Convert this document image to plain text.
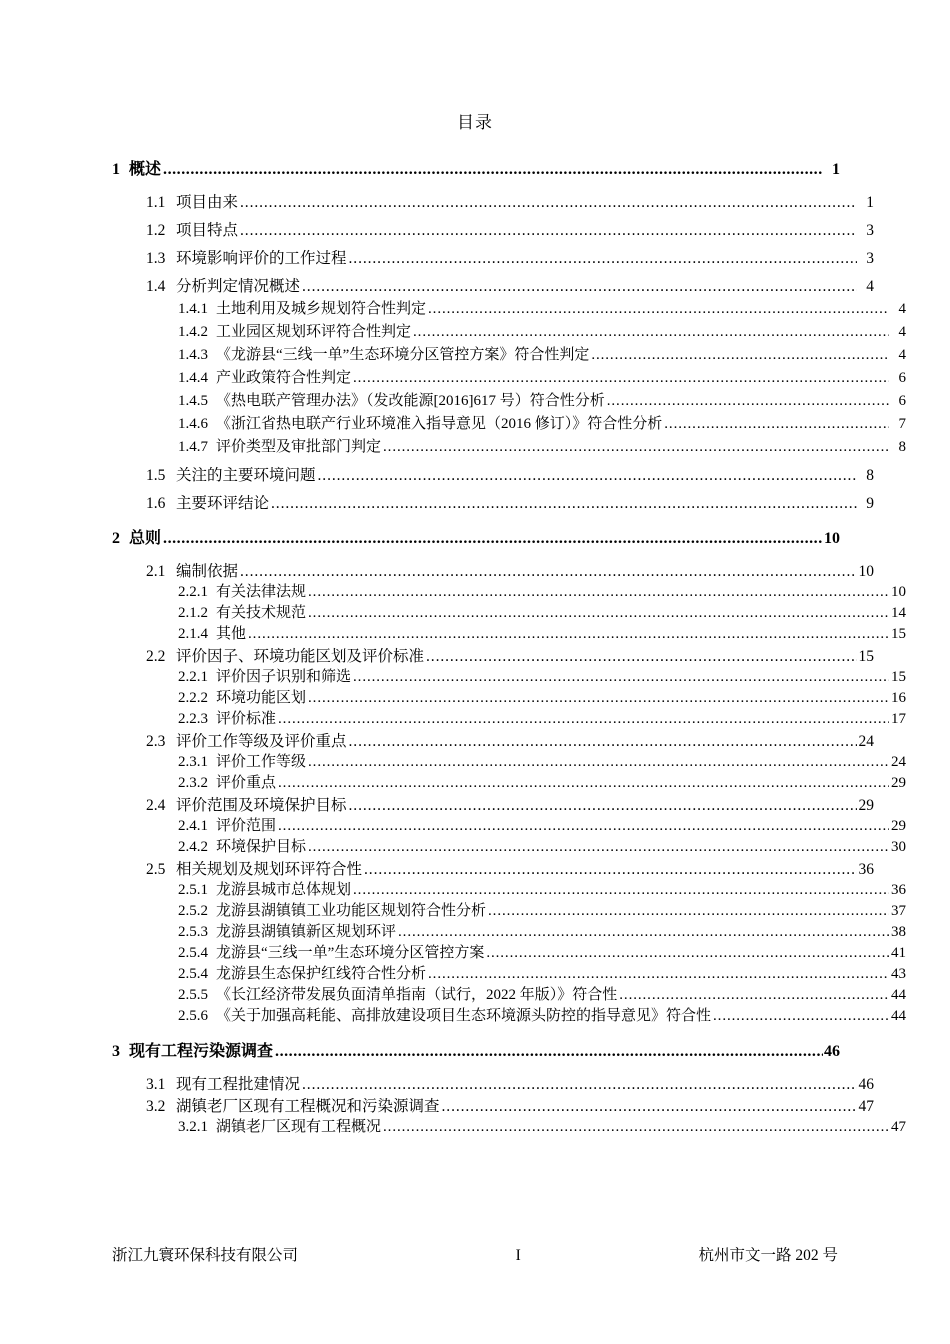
目录
1 概述 .....	1
1.1 项目由来 .....	1
1.2 项目特点 .....	3
1.3 环境影响评价的工作过程 .....	3
1.4 分析判定情况概述 .....	4
1.4.1 土地利用及城乡规划符合性判定 .....	4
1.4.2 工业园区规划环评符合性判定 .....	4
1.4.3 《龙游县“三线一单”生态环境分区管控方案》符合性判定 .....	4
1.4.4 产业政策符合性判定 .....	6
1.4.5 《热电联产管理办法》（发改能源[2016]617 号）符合性分析 .....	6
1.4.6 《浙江省热电联产行业环境准入指导意见（2016 修订）》符合性分析 .....	7
1.4.7 评价类型及审批部门判定 .....	8
1.5 关注的主要环境问题 .....	8
1.6 主要环评结论 .....	9
2 总则 .....	10
2.1 编制依据 .....	10
2.2.1 有关法律法规 .....	10
2.1.2 有关技术规范 .....	14
2.1.4 其他 .....	15
2.2 评价因子、环境功能区划及评价标准 .....	15
2.2.1 评价因子识别和筛选 .....	15
2.2.2 环境功能区划 .....	16
2.2.3 评价标准 .....	17
2.3 评价工作等级及评价重点 .....	24
2.3.1 评价工作等级 .....	24
2.3.2 评价重点 .....	29
2.4 评价范围及环境保护目标 .....	29
2.4.1 评价范围 .....	29
2.4.2 环境保护目标 .....	30
2.5 相关规划及规划环评符合性 .....	36
2.5.1 龙游县城市总体规划 .....	36
2.5.2 龙游县湖镇镇工业功能区规划符合性分析 .....	37
2.5.3 龙游县湖镇镇新区规划环评 .....	38
2.5.4 龙游县“三线一单”生态环境分区管控方案 .....	41
2.5.4 龙游县生态保护红线符合性分析 .....	43
2.5.5 《长江经济带发展负面清单指南（试行，2022 年版）》符合性 .....	44
2.5.6 《关于加强高耗能、高排放建设项目生态环境源头防控的指导意见》符合性 .....	44
3 现有工程污染源调查 .....	46
3.1 现有工程批建情况 .....	46
3.2 湖镇老厂区现有工程概况和污染源调查 .....	47
3.2.1 湖镇老厂区现有工程概况 .....	47
浙江九寰环保科技有限公司	I	杭州市文一路 202 号
